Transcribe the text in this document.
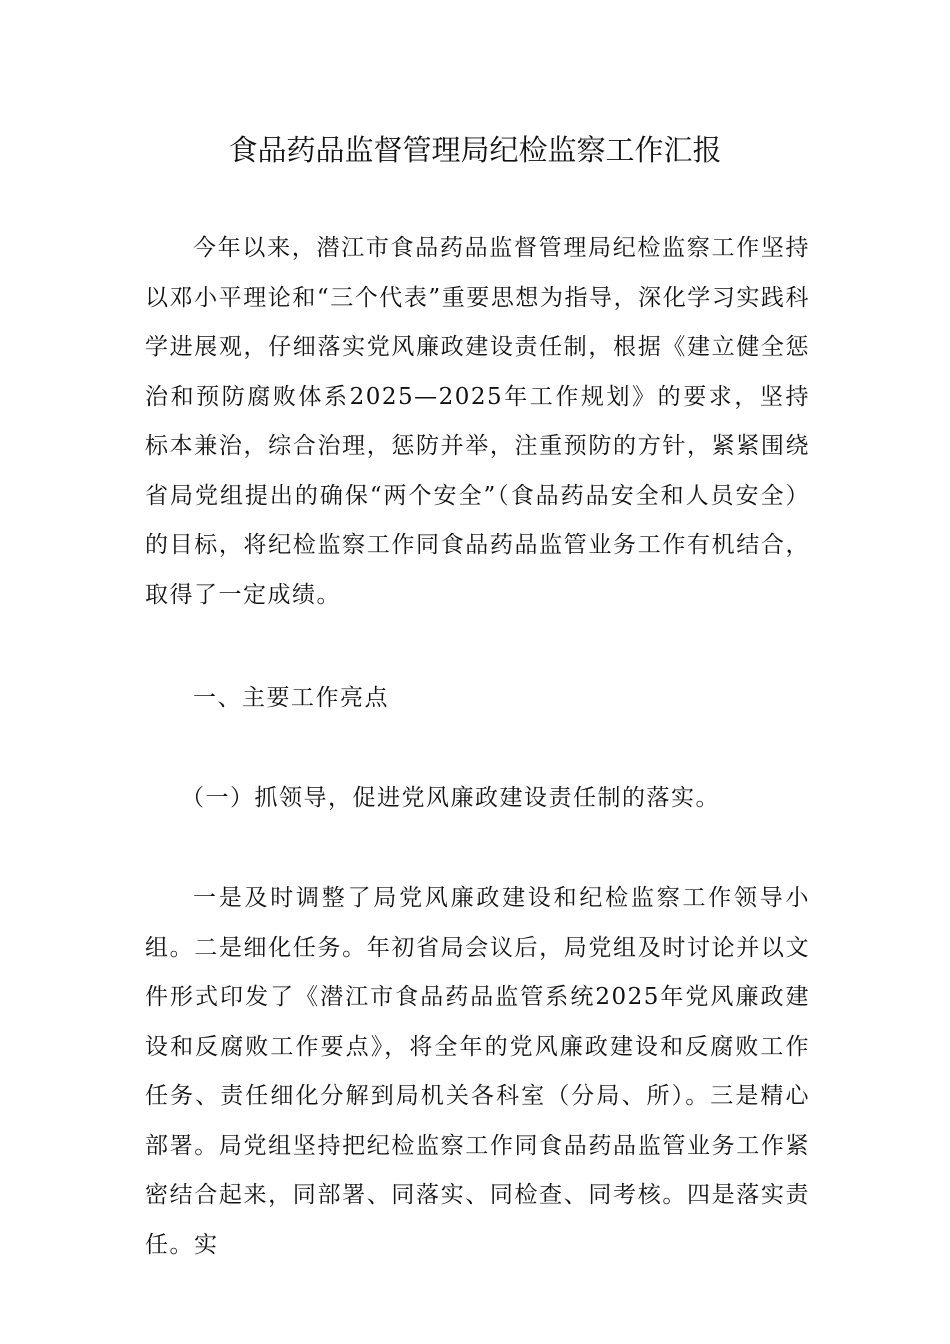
食品药品监督管理局纪检监察工作汇报

今年以来，潜江市食品药品监督管理局纪检监察工作坚持以邓小平理论和“三个代表”重要思想为指导，深化学习实践科学进展观，仔细落实党风廉政建设责任制，根据《建立健全惩治和预防腐败体系2025—2025年工作规划》的要求，坚持标本兼治，综合治理，惩防并举，注重预防的方针，紧紧围绕省局党组提出的确保“两个安全”（食品药品安全和人员安全）的目标，将纪检监察工作同食品药品监管业务工作有机结合，取得了一定成绩。

一、主要工作亮点

（一）抓领导，促进党风廉政建设责任制的落实。

一是及时调整了局党风廉政建设和纪检监察工作领导小组。二是细化任务。年初省局会议后，局党组及时讨论并以文件形式印发了《潜江市食品药品监管系统2025年党风廉政建设和反腐败工作要点》，将全年的党风廉政建设和反腐败工作任务、责任细化分解到局机关各科室（分局、所）。三是精心部署。局党组坚持把纪检监察工作同食品药品监管业务工作紧密结合起来，同部署、同落实、同检查、同考核。四是落实责任。实
